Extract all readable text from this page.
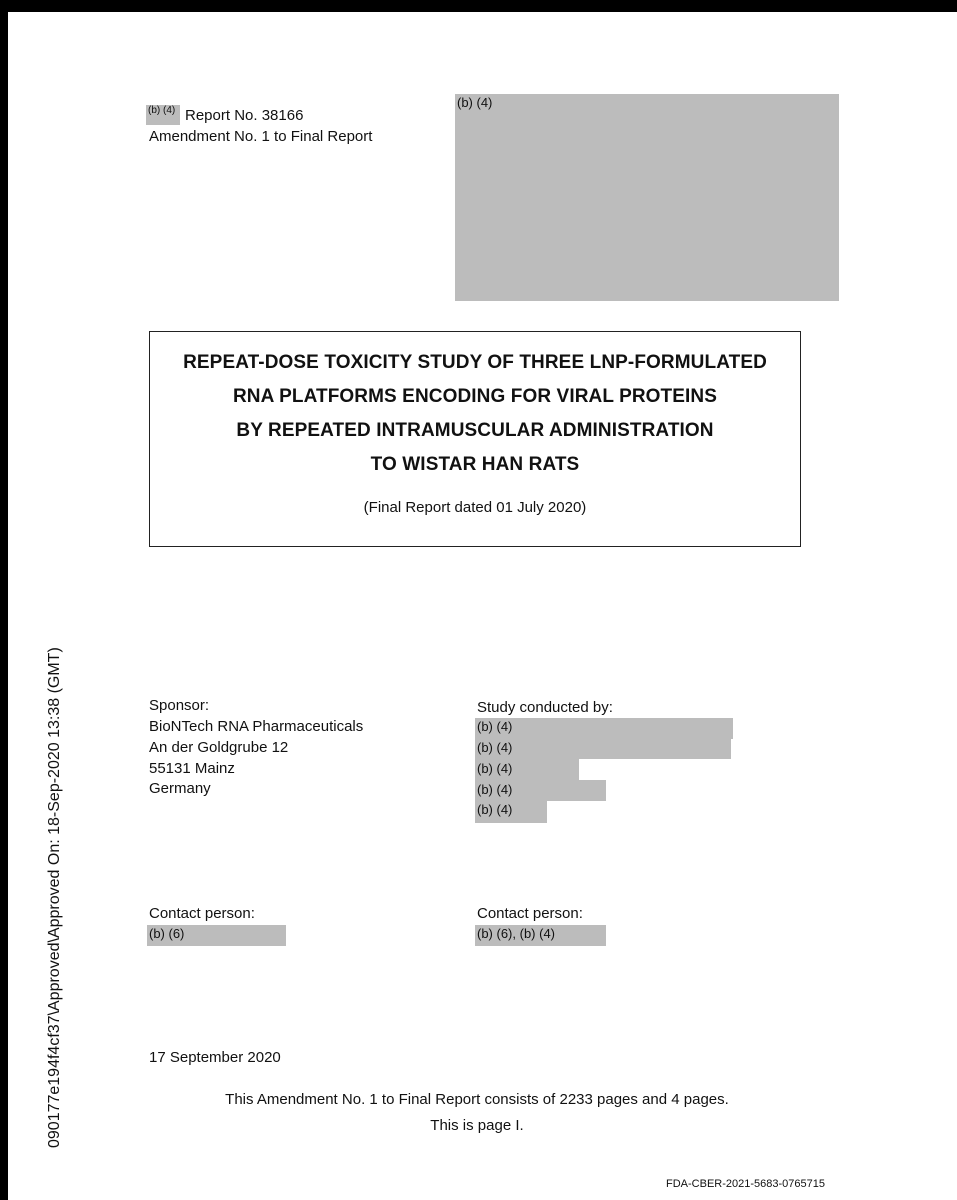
(b) (4) Report No. 38166
Amendment No. 1 to Final Report
(b) (4)
REPEAT-DOSE TOXICITY STUDY OF THREE LNP-FORMULATED
RNA PLATFORMS ENCODING FOR VIRAL PROTEINS
BY REPEATED INTRAMUSCULAR ADMINISTRATION
TO WISTAR HAN RATS
(Final Report dated 01 July 2020)
Sponsor:
BioNTech RNA Pharmaceuticals
An der Goldgrube 12
55131 Mainz
Germany
Study conducted by:
(b) (4)
(b) (4)
(b) (4)
(b) (4)
(b) (4)
Contact person:
(b) (6)
Contact person:
(b) (6), (b) (4)
17 September 2020
This Amendment No. 1 to Final Report consists of 2233 pages and 4 pages.
This is page I.
FDA-CBER-2021-5683-0765715
090177e194f4cf37\Approved\Approved On: 18-Sep-2020 13:38 (GMT)
